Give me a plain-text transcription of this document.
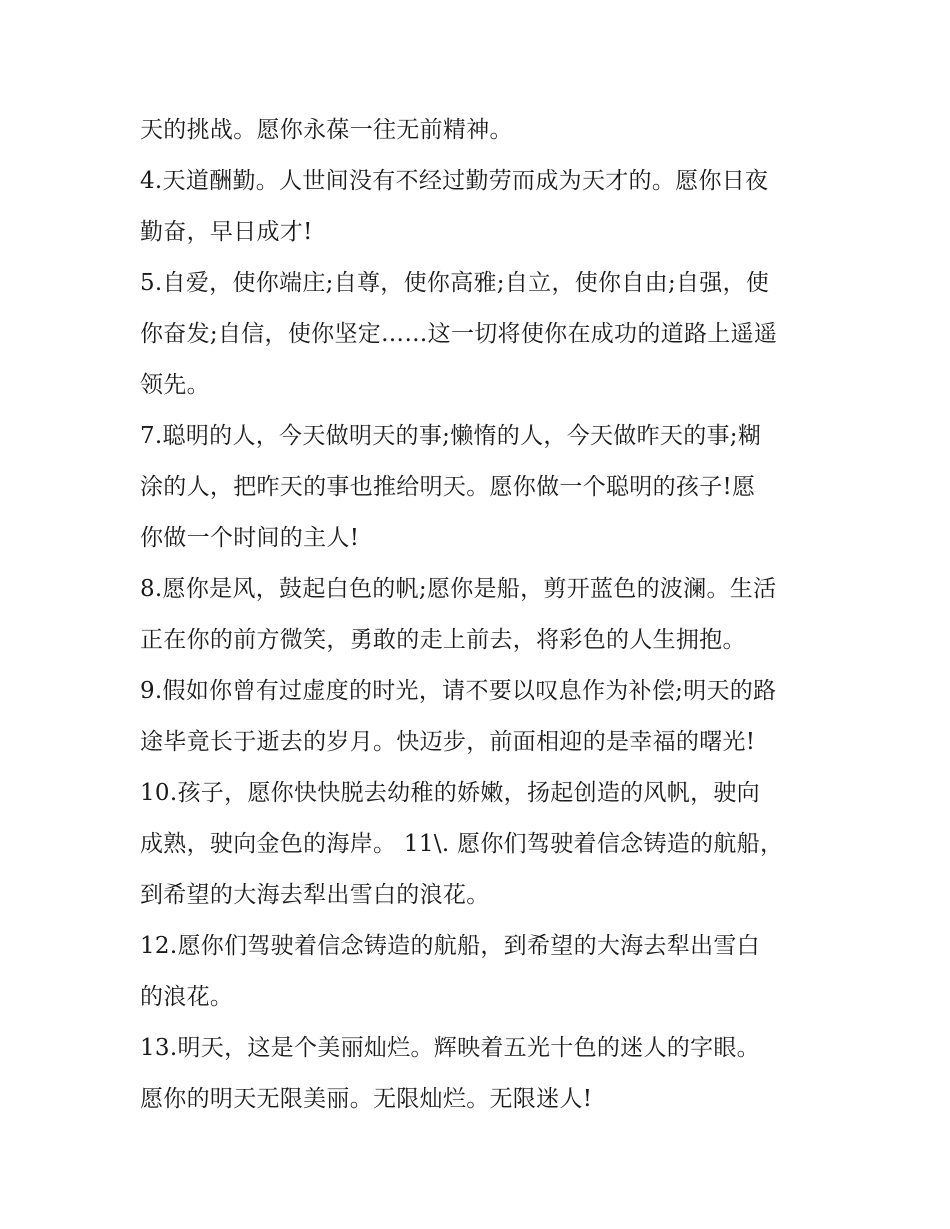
天的挑战。愿你永葆一往无前精神。

4.天道酬勤。人世间没有不经过勤劳而成为天才的。愿你日夜
勤奋，早日成才!

5.自爱，使你端庄;自尊，使你高雅;自立，使你自由;自强，使
你奋发;自信，使你坚定……这一切将使你在成功的道路上遥遥
领先。

7.聪明的人，今天做明天的事;懒惰的人，今天做昨天的事;糊
涂的人，把昨天的事也推给明天。愿你做一个聪明的孩子!愿
你做一个时间的主人!

8.愿你是风，鼓起白色的帆;愿你是船，剪开蓝色的波澜。生活
正在你的前方微笑，勇敢的走上前去，将彩色的人生拥抱。

9.假如你曾有过虚度的时光，请不要以叹息作为补偿;明天的路
途毕竟长于逝去的岁月。快迈步，前面相迎的是幸福的曙光!

10.孩子，愿你快快脱去幼稚的娇嫩，扬起创造的风帆，驶向
成熟，驶向金色的海岸。 11\. 愿你们驾驶着信念铸造的航船，
到希望的大海去犁出雪白的浪花。

12.愿你们驾驶着信念铸造的航船，到希望的大海去犁出雪白
的浪花。

13.明天，这是个美丽灿烂。辉映着五光十色的迷人的字眼。
愿你的明天无限美丽。无限灿烂。无限迷人!
